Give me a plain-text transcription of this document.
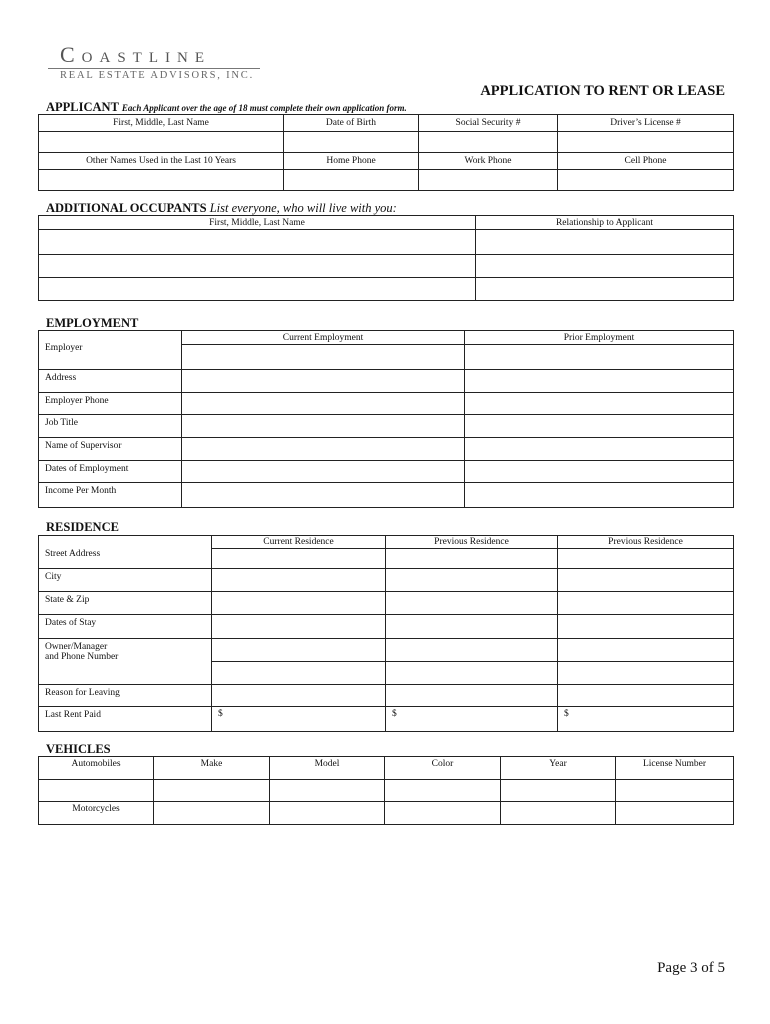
Coastline
REAL ESTATE ADVISORS, INC.
APPLICATION TO RENT OR LEASE
APPLICANT Each Applicant over the age of 18 must complete their own application form.
First, Middle, Last Name	Date of Birth	Social Security #	Driver’s License #

Other Names Used in the Last 10 Years	Home Phone	Work Phone	Cell Phone

ADDITIONAL OCCUPANTS List everyone, who will live with you:
First, Middle, Last Name	Relationship to Applicant

EMPLOYMENT
Employer	Current Employment	Prior Employment

Address		
Employer Phone		
Job Title		
Name of Supervisor		
Dates of Employment		
Income Per Month		
RESIDENCE
Street Address	Current Residence	Previous Residence	Previous Residence

City			
State & Zip			
Dates of Stay			

Owner/Manager
and Phone Number			

Reason for Leaving			
Last Rent Paid	$	$	$
VEHICLES
Automobiles	Make	Model	Color	Year	License Number

Motorcycles					
Page 3 of 5
